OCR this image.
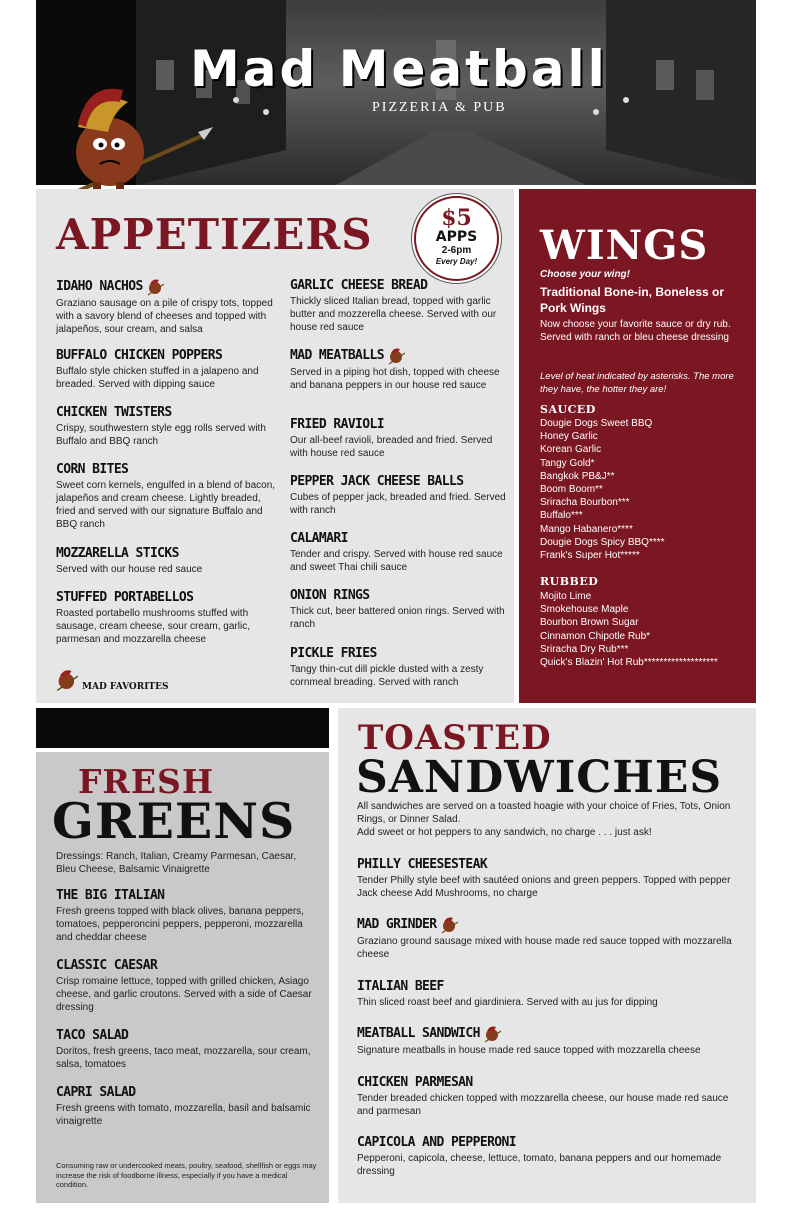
Mad Meatball
PIZZERIA & PUB
APPETIZERS	$5
APPS
2-6pm
Every Day!
IDAHO NACHOS
Graziano sausage on a pile of crispy tots, topped with a savory blend of cheeses and topped with jalapeños, sour cream, and salsa
BUFFALO CHICKEN POPPERS
Buffalo style chicken stuffed in a jalapeno and breaded. Served with dipping sauce
CHICKEN TWISTERS
Crispy, southwestern style egg rolls served with Buffalo and BBQ ranch
CORN BITES
Sweet corn kernels, engulfed in a blend of bacon, jalapeños and cream cheese. Lightly breaded, fried and served with our signature Buffalo and BBQ ranch
MOZZARELLA STICKS
Served with our house red sauce
STUFFED PORTABELLOS
Roasted portabello mushrooms stuffed with sausage, cream cheese, sour cream, garlic, parmesan and mozzarella cheese
GARLIC CHEESE BREAD
Thickly sliced Italian bread, topped with garlic butter and mozzerella cheese. Served with our house red sauce
MAD MEATBALLS
Served in a piping hot dish, topped with cheese and banana peppers in our house red sauce
FRIED RAVIOLI
Our all-beef ravioli, breaded and fried. Served with house red sauce
PEPPER JACK CHEESE BALLS
Cubes of pepper jack, breaded and fried. Served with ranch
CALAMARI
Tender and crispy. Served with house red sauce and sweet Thai chili sauce
ONION RINGS
Thick cut, beer battered onion rings. Served with ranch
PICKLE FRIES
Tangy thin-cut dill pickle dusted with a zesty cornmeal breading. Served with ranch
MAD FAVORITES
WINGS
Choose your wing!
Traditional Bone-in, Boneless or Pork Wings
Now choose your favorite sauce or dry rub. Served with ranch or bleu cheese dressing
Level of heat indicated by asterisks. The more they have, the hotter they are!
SAUCED
Dougie Dogs Sweet BBQ
Honey Garlic
Korean Garlic
Tangy Gold*
Bangkok PB&J**
Boom Boom**
Sriracha Bourbon***
Buffalo***
Mango Habanero****
Dougie Dogs Spicy BBQ****
Frank's Super Hot*****
RUBBED
Mojito Lime
Smokehouse Maple
Bourbon Brown Sugar
Cinnamon Chipotle Rub*
Sriracha Dry Rub***
Quick's Blazin' Hot Rub*******************
FRESH
GREENS
Dressings: Ranch, Italian, Creamy Parmesan, Caesar, Bleu Cheese, Balsamic Vinaigrette
THE BIG ITALIAN
Fresh greens topped with black olives, banana peppers, tomatoes, pepperoncini peppers, pepperoni, mozzarella and cheddar cheese
CLASSIC CAESAR
Crisp romaine lettuce, topped with grilled chicken, Asiago cheese, and garlic croutons. Served with a side of Caesar dressing
TACO SALAD
Doritos, fresh greens, taco meat, mozzarella, sour cream, salsa, tomatoes
CAPRI SALAD
Fresh greens with tomato, mozzarella, basil and balsamic vinaigrette
Consuming raw or undercooked meats, poultry, seafood, shellfish or eggs may increase the risk of foodborne illness, especially if you have a medical condition.
TOASTED
SANDWICHES
All sandwiches are served on a toasted hoagie with your choice of Fries, Tots, Onion Rings, or Dinner Salad.
Add sweet or hot peppers to any sandwich, no charge . . . just ask!
PHILLY CHEESESTEAK
Tender Philly style beef with sautéed onions and green peppers. Topped with pepper Jack cheese Add Mushrooms, no charge
MAD GRINDER
Graziano ground sausage mixed with house made red sauce topped with mozzarella cheese
ITALIAN BEEF
Thin sliced roast beef and giardiniera. Served with au jus for dipping
MEATBALL SANDWICH
Signature meatballs in house made red sauce topped with mozzarella cheese
CHICKEN PARMESAN
Tender breaded chicken topped with mozzarella cheese, our house made red sauce and parmesan
CAPICOLA AND PEPPERONI
Pepperoni, capicola, cheese, lettuce, tomato, banana peppers and our homemade dressing
